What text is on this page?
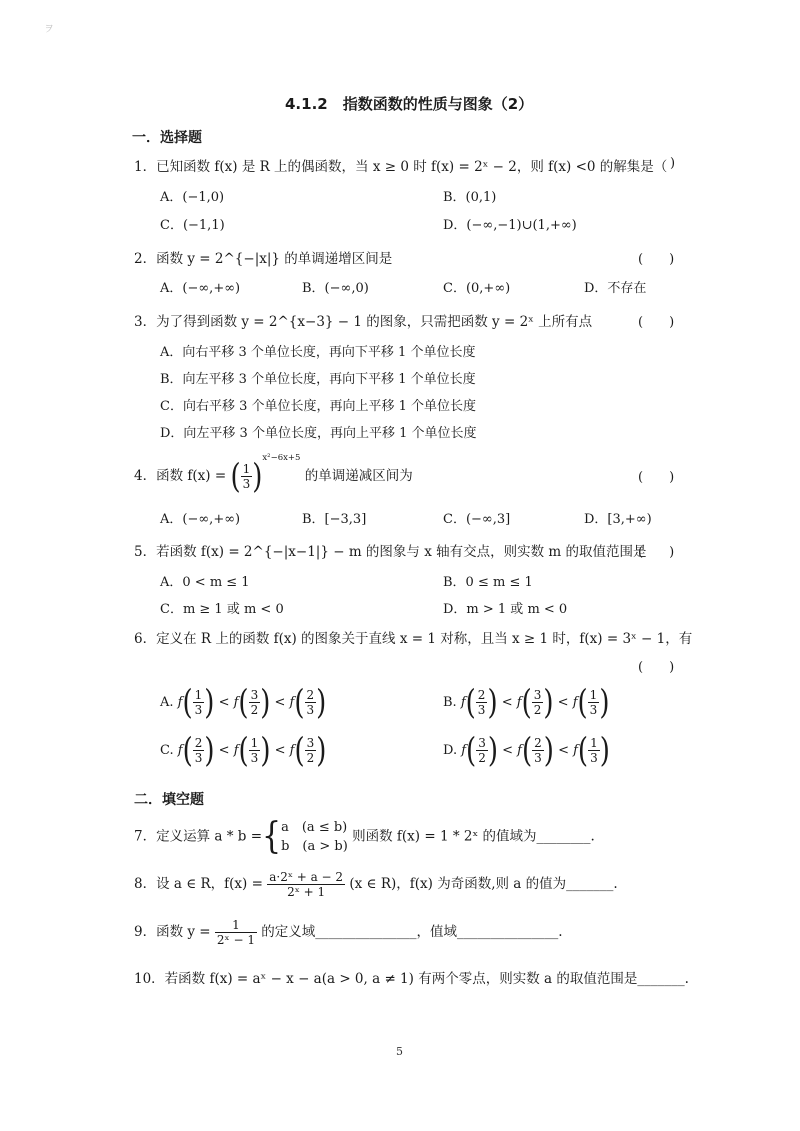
ヲ
4.1.2　指数函数的性质与图象（2）
一．选择题
1．已知函数 f(x) 是 R 上的偶函数，当 x ≥ 0 时 f(x) = 2ˣ − 2，则 f(x) <0 的解集是（ )
A．(−1,0)	B．(0,1)
C．(−1,1)	D．(−∞,−1)∪(1,+∞)
2．函数 y = 2^{−|x|} 的单调递增区间是	(　　)
A．(−∞,+∞)	B．(−∞,0)	C．(0,+∞)	D．不存在
3．为了得到函数 y = 2^{x−3} − 1 的图象，只需把函数 y = 2ˣ 上所有点	(　　)
A．向右平移 3 个单位长度，再向下平移 1 个单位长度
B．向左平移 3 个单位长度，再向下平移 1 个单位长度
C．向右平移 3 个单位长度，再向上平移 1 个单位长度
D．向左平移 3 个单位长度，再向上平移 1 个单位长度
4．函数 f(x) = ( $\frac{1}{3} )^{x^2-6x+5}$ 的单调递减区间为	(　　)
A．(−∞,+∞)	B．[−3,3]	C．(−∞,3]	D．[3,+∞)
5．若函数 f(x) = 2^{−|x−1|} − m 的图象与 x 轴有交点，则实数 m 的取值范围是
(　　)
A．0 < m ≤ 1	B．0 ≤ m ≤ 1
C．m ≥ 1 或 m < 0	D．m > 1 或 m < 0
6．定义在 R 上的函数 f(x) 的图象关于直线 x = 1 对称，且当 x ≥ 1 时，f(x) = 3ˣ − 1，有
(　　)
A. $f( \frac{1}{3}$ ) < $f( \frac{3}{2}$ ) < $f( \frac{2}{3}$ )	B. $f( \frac{2}{3}$ ) < $f( \frac{3}{2}$ ) < $f( \frac{1}{3}$ )
C. $f( \frac{2}{3}$ ) < $f( \frac{1}{3}$ ) < $f( \frac{3}{2}$ )	D. $f( \frac{3}{2}$ ) < $f( \frac{2}{3}$ ) < $f( \frac{1}{3}$ )
二．填空题
7．定义运算 a * b ={ a　(a ≤ b)
b　(a > b)
则函数 f(x) = 1 * 2ˣ 的值域为________.
8．设 a ∈ R，$f(x) = \frac{\text{a·2ˣ + a − 2}}{\text{2ˣ + 1}} (x$ ∈ R)，f(x) 为奇函数,则 a 的值为_______.
9．函数 $y = \frac{1}{\text{2ˣ − 1}}$ 的定义域_______________，值域_______________.
10．若函数 f(x) = aˣ − x − a(a > 0, a ≠ 1) 有两个零点，则实数 a 的取值范围是_______.
5
